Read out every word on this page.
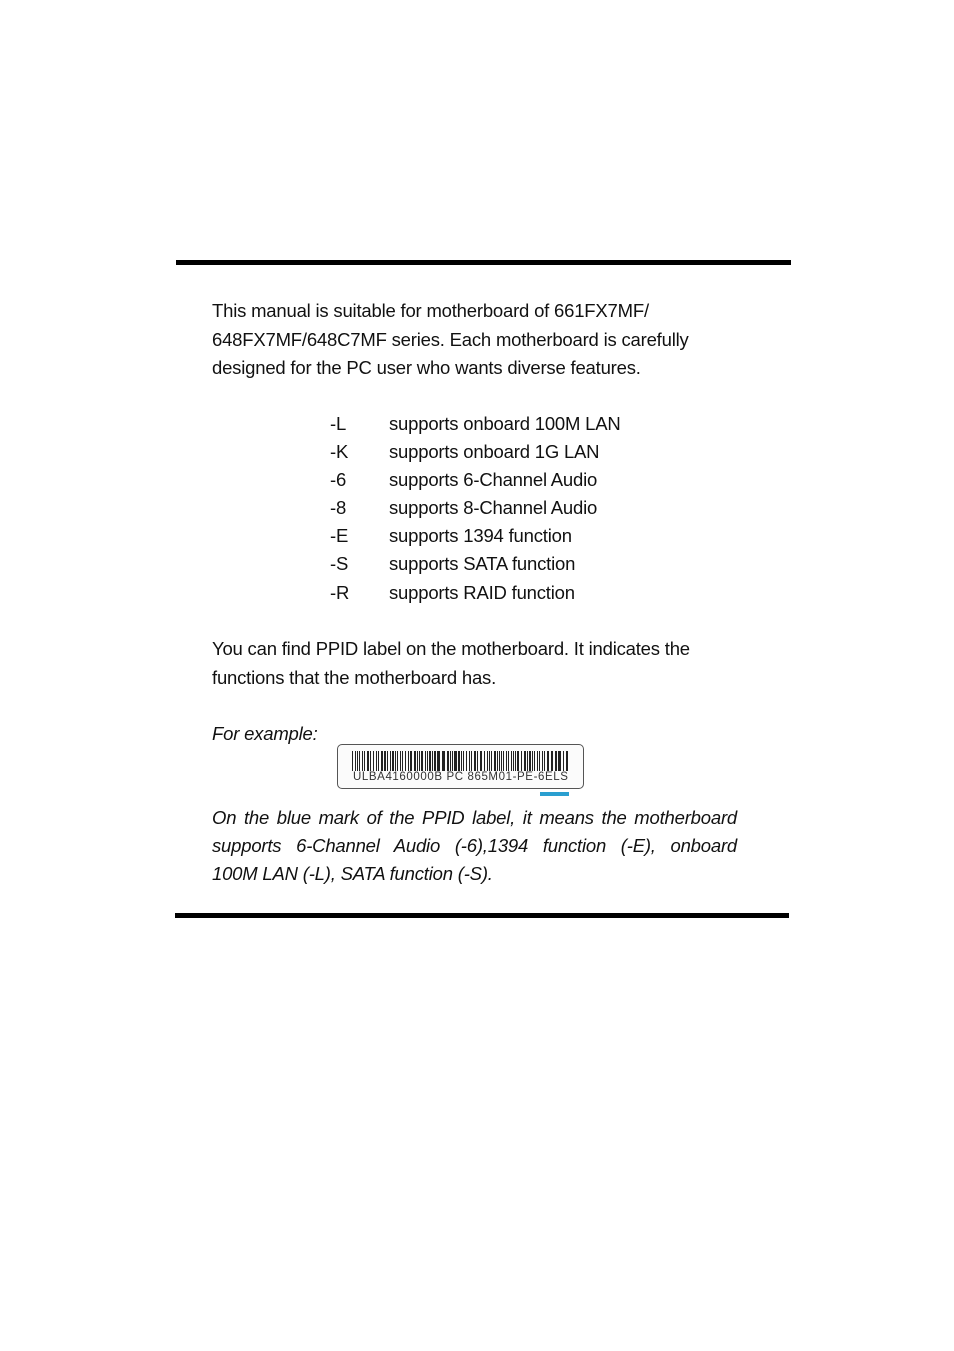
This manual is suitable for motherboard of 661FX7MF/
648FX7MF/648C7MF series. Each motherboard is carefully
designed for the PC user who wants diverse features.

-L	supports onboard 100M LAN
-K	supports onboard 1G LAN
-6	supports 6-Channel Audio
-8	supports 8-Channel Audio
-E	supports 1394 function
-S	supports SATA function
-R	supports RAID function

You can find PPID label on the motherboard. It indicates the
functions that the motherboard has.

For example:
ULBA4160000B PC 865M01-PE-6ELS

On the blue mark of the PPID label, it means the motherboard
supports 6-Channel Audio (-6),1394 function (-E), onboard
100M LAN (-L), SATA function (-S).
